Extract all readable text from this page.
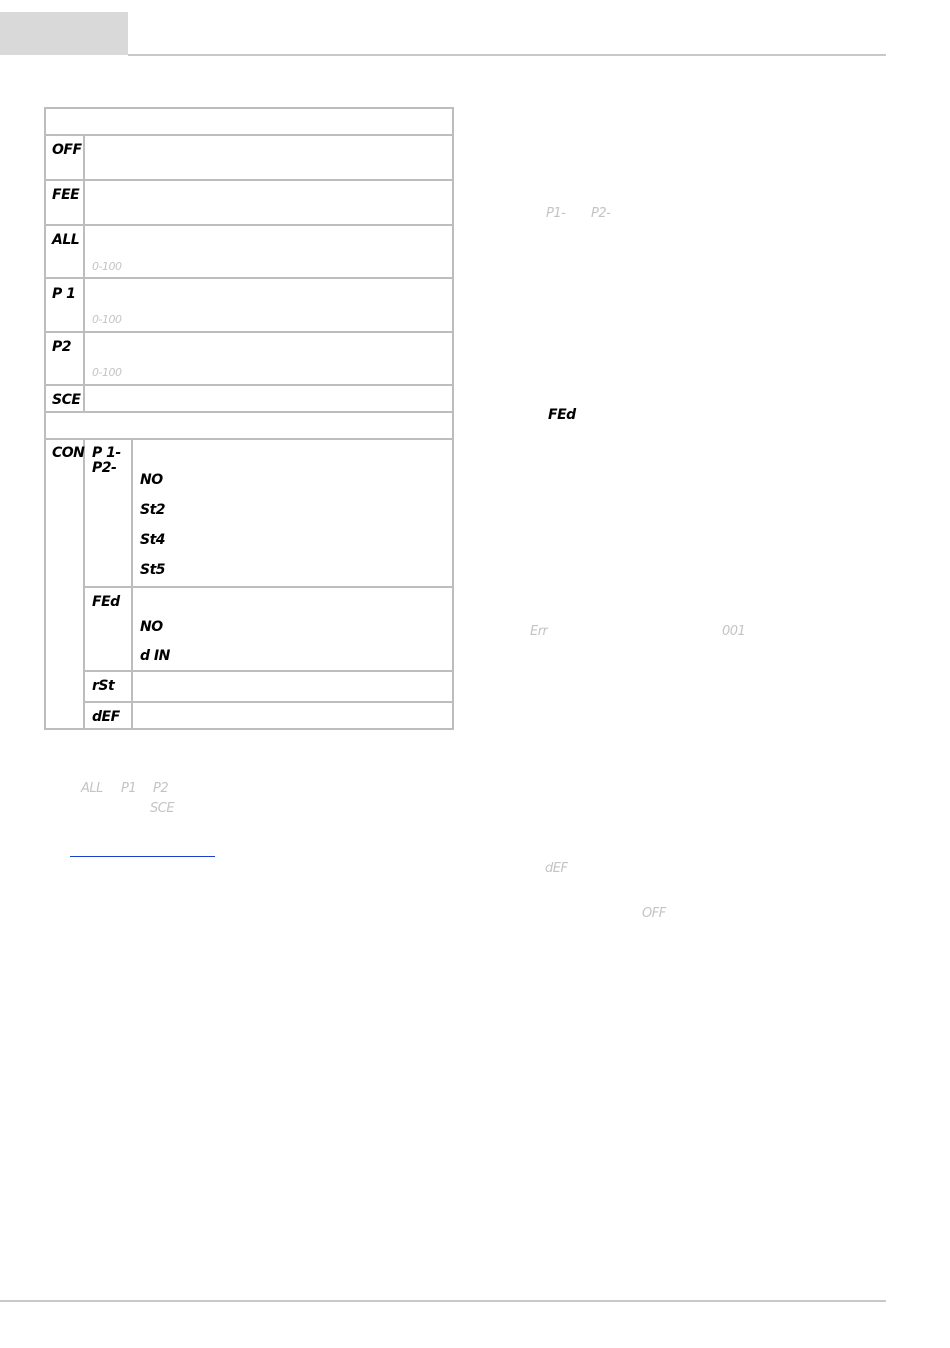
OFF
FEE
ALL
0-100
P 1
0-100
P2
0-100
SCE
CON P 1-
P2-
NO
St2
St4
St5
FEd
NO
d IN
rSt
dEF
ALL P1 P2
SCE
P1- P2-
FEd
Err	001
dEF
OFF
